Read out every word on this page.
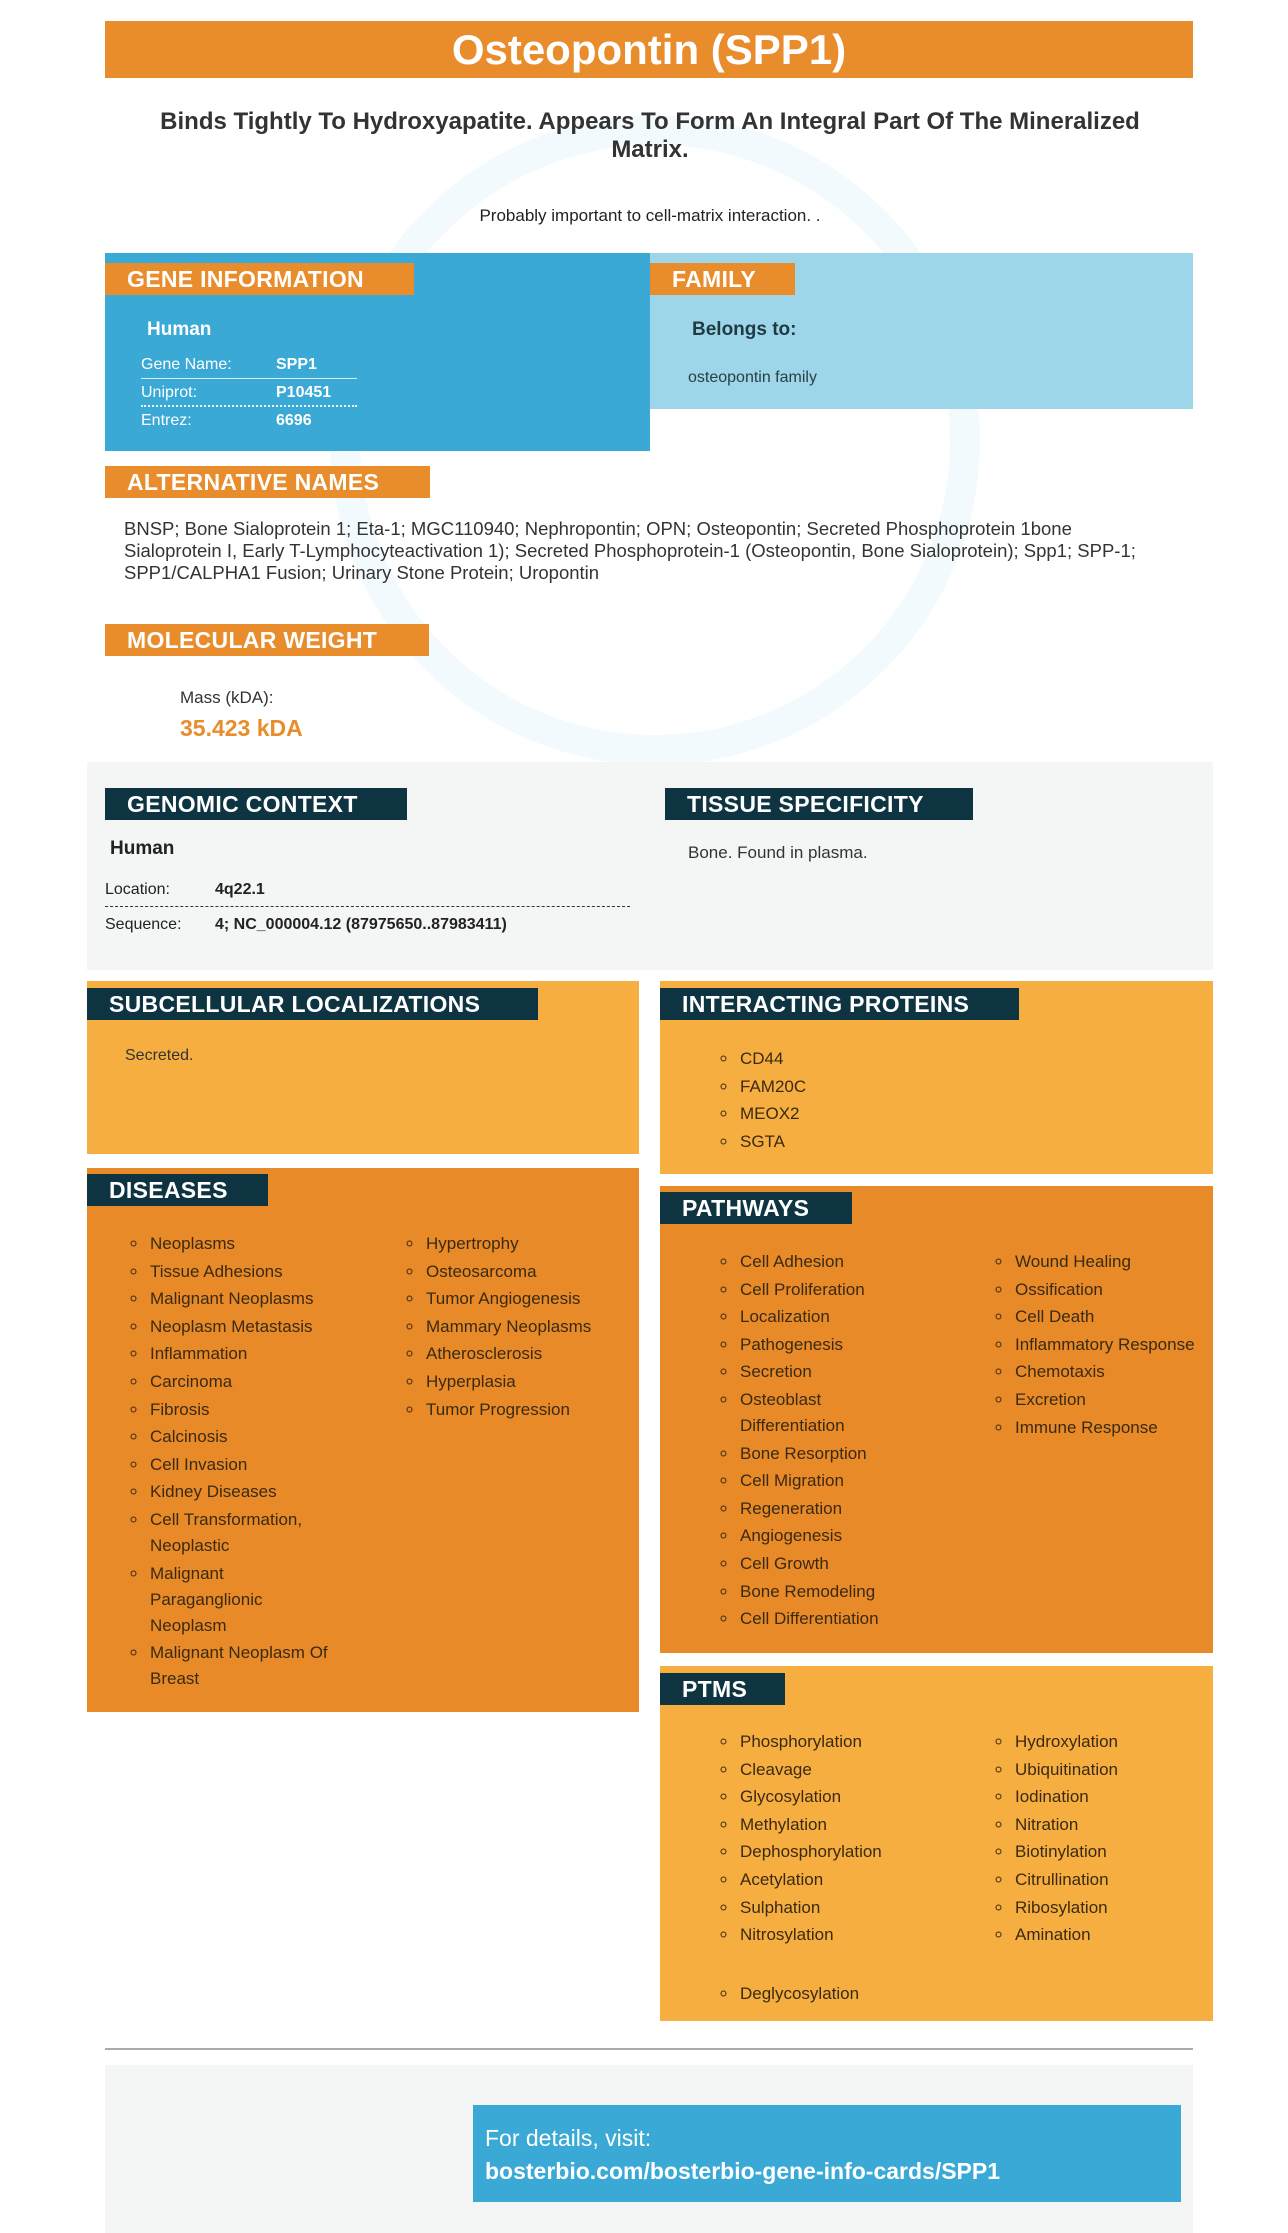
Osteopontin (SPP1)
Binds Tightly To Hydroxyapatite. Appears To Form An Integral Part Of The Mineralized Matrix.
Probably important to cell-matrix interaction. .
Human
Gene Name:	SPP1
Uniprot:	P10451
Entrez:	6696
GENE INFORMATION
Belongs to:
osteopontin family
FAMILY
ALTERNATIVE NAMES
BNSP; Bone Sialoprotein 1; Eta-1; MGC110940; Nephropontin; OPN; Osteopontin; Secreted Phosphoprotein 1bone Sialoprotein I, Early T-Lymphocyteactivation 1); Secreted Phosphoprotein-1 (Osteopontin, Bone Sialoprotein); Spp1; SPP-1; SPP1/CALPHA1 Fusion; Urinary Stone Protein; Uropontin
MOLECULAR WEIGHT
Mass (kDA):
35.423 kDA
GENOMIC CONTEXT
Human
Location:	4q22.1
Sequence:	4; NC_000004.12 (87975650..87983411)
TISSUE SPECIFICITY
Bone. Found in plasma.
Secreted.
SUBCELLULAR LOCALIZATIONS
◦ CD44
◦ FAM20C
◦ MEOX2
◦ SGTA
INTERACTING PROTEINS
◦ Neoplasms
◦ Tissue Adhesions
◦ Malignant Neoplasms
◦ Neoplasm Metastasis
◦ Inflammation
◦ Carcinoma
◦ Fibrosis
◦ Calcinosis
◦ Cell Invasion
◦ Kidney Diseases
◦ Cell Transformation, Neoplastic
◦ Malignant Paraganglionic Neoplasm
◦ Malignant Neoplasm Of Breast
◦ Hypertrophy
◦ Osteosarcoma
◦ Tumor Angiogenesis
◦ Mammary Neoplasms
◦ Atherosclerosis
◦ Hyperplasia
◦ Tumor Progression
DISEASES
◦ Cell Adhesion
◦ Cell Proliferation
◦ Localization
◦ Pathogenesis
◦ Secretion
◦ Osteoblast Differentiation
◦ Bone Resorption
◦ Cell Migration
◦ Regeneration
◦ Angiogenesis
◦ Cell Growth
◦ Bone Remodeling
◦ Cell Differentiation
◦ Wound Healing
◦ Ossification
◦ Cell Death
◦ Inflammatory Response
◦ Chemotaxis
◦ Excretion
◦ Immune Response
PATHWAYS
◦ Phosphorylation
◦ Cleavage
◦ Glycosylation
◦ Methylation
◦ Dephosphorylation
◦ Acetylation
◦ Sulphation
◦ Nitrosylation
◦ Hydroxylation
◦ Ubiquitination
◦ Iodination
◦ Nitration
◦ Biotinylation
◦ Citrullination
◦ Ribosylation
◦ Amination
◦ Deglycosylation
PTMS
For details, visit:
bosterbio.com/bosterbio-gene-info-cards/SPP1
